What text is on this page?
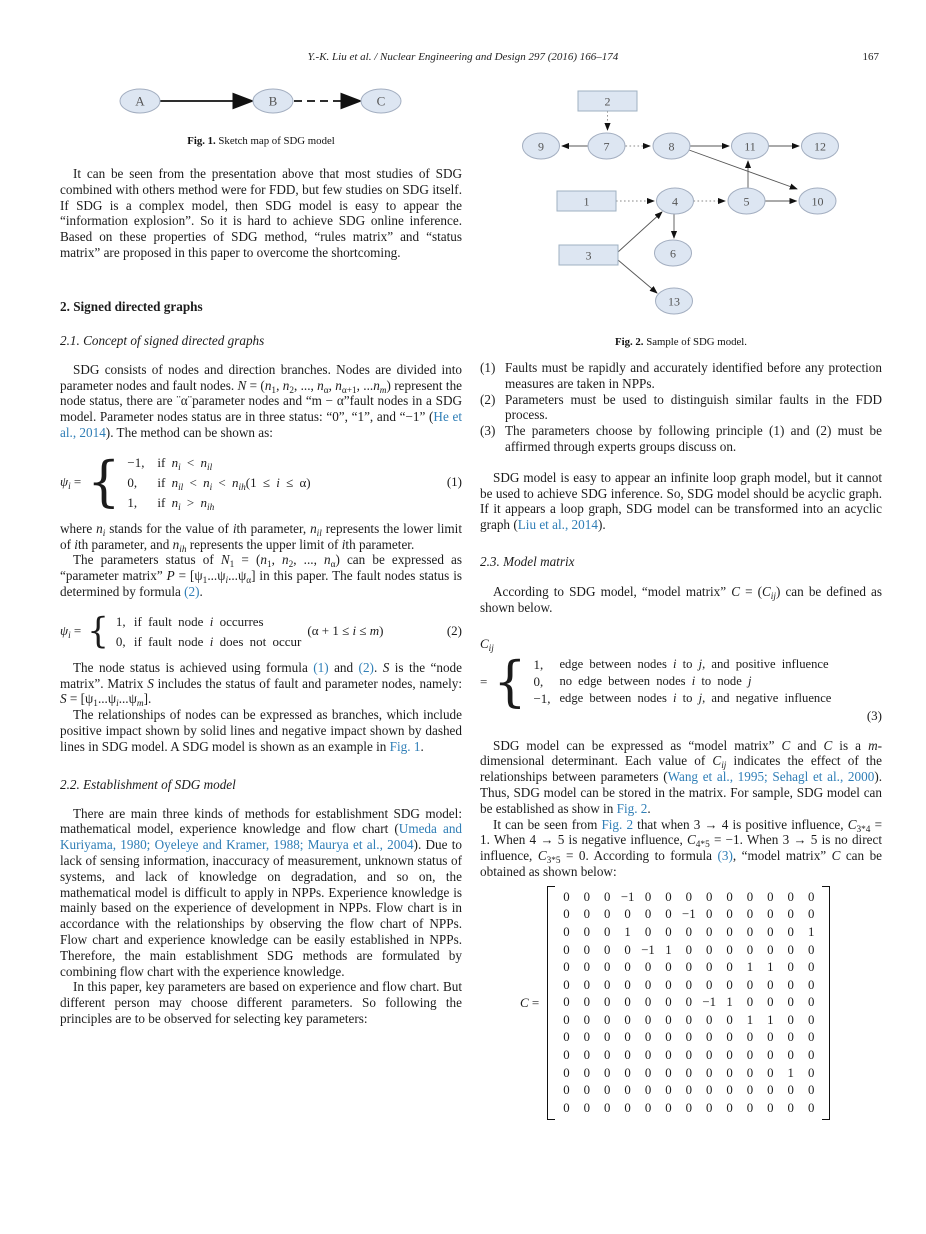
Y.-K. Liu et al. / Nuclear Engineering and Design 297 (2016) 166–174	167
A	B	C
Fig. 1. Sketch map of SDG model

It can be seen from the presentation above that most studies of SDG combined with others method were for FDD, but few studies on SDG itself. If SDG is a complex model, then SDG model is easy to appear the “information explosion”. So it is hard to achieve SDG online inference. Based on these properties of SDG method, “rules matrix” and “status matrix” are proposed in this paper to overcome the shortcoming.

2. Signed directed graphs
2.1. Concept of signed directed graphs

SDG consists of nodes and direction branches. Nodes are divided into parameter nodes and fault nodes. $N = (n_1$, $n_2$, ..., $n_\alpha$, $n_{\alpha+1}$, $...n_m$) represent the node status, there are ¨α¨parameter nodes and “m − α”fault nodes in a SDG model. Parameter nodes status are in three status: “0”, “1”, and “−1” (He et al., 2014). The method can be shown as:

$\psi_i$ = { −1, if $n_i < n_{il}$
0,	if $n_{il} < n_i < n_{ih}(1 \le i \le \alpha)$
1,	if $n_i > n_{ih}$
(1)

where $n_i$ stands for the value of ith parameter, $n_{il}$ represents the lower limit of ith parameter, and $n_{ih}$ represents the upper limit of ith parameter.

The parameters status of $N_1 = (n_1$, $n_2$, ..., $n_\alpha$) can be expressed as “parameter matrix” $P = [\psi_1...\psi_i...\psi_\alpha]$ in this paper. The fault nodes status is determined by formula (2).

$\psi_i$ = { 1, if fault node i occurres
0, if fault node i does not occur
(α + 1 ≤ i ≤ m)	(2)

The node status is achieved using formula (1) and (2). S is the “node matrix”. Matrix S includes the status of fault and parameter nodes, namely: $S = [\psi_1...\psi_i...\psi_m]$.

The relationships of nodes can be expressed as branches, which include positive impact shown by solid lines and negative impact shown by dashed lines in SDG model. A SDG model is shown as an example in Fig. 1.

2.2. Establishment of SDG model

There are main three kinds of methods for establishment SDG model: mathematical model, experience knowledge and flow chart (Umeda and Kuriyama, 1980; Oyeleye and Kramer, 1988; Maurya et al., 2004). Due to lack of sensing information, inaccuracy of measurement, unknown status of systems, and lack of knowledge on degradation, and so on, the mathematical model is difficult to apply in NPPs. Experience knowledge is mainly based on the experience of development in NPPs. Flow chart is in accordance with the relationships by observing the flow chart of NPPs. Flow chart and experience knowledge can be easily established in NPPs. Therefore, the main establishment SDG methods are formulated by combining flow chart with the experience knowledge.

In this paper, key parameters are based on experience and flow chart. But different person may choose different parameters. So following the principles are to be observed for selecting key parameters:

2
1
3
9	7	8	11	12
4	5	10
6
13
Fig. 2. Sample of SDG model.
(1) Faults must be rapidly and accurately identified before any protection measures are taken in NPPs.

(2) Parameters must be used to distinguish similar faults in the FDD process.

(3) The parameters choose by following principle (1) and (2) must be affirmed through experts groups discuss on.

SDG model is easy to appear an infinite loop graph model, but it cannot be used to achieve SDG inference. So, SDG model should be acyclic graph. If it appears a loop graph, SDG model can be transformed into an acyclic graph (Liu et al., 2014).

2.3. Model matrix

According to SDG model, “model matrix” $C = (C_{ij})$ can be defined as shown below.

$C_{ij}$
= { 1,	edge between nodes i to j, and positive influence
0,	no edge between nodes i to node j
−1, edge between nodes i to j, and negative influence
(3)

SDG model can be expressed as “model matrix” C and C is a m-dimensional determinant. Each value of $C_{ij}$ indicates the effect of the relationships between parameters (Wang et al., 1995; Sehagl et al., 2000). Thus, SDG model can be stored in the matrix. For sample, SDG model can be established as show in Fig. 2.

It can be seen from Fig. 2 that when 3 → 4 is positive influence, $C_{3*4} = 1$. When 4 → 5 is negative influence, $C_{4*5} = -1$. When 3 → 5 is no direct influence, $C_{3*5} = 0$. According to formula (3), “model matrix” C can be obtained as shown below:

C =
0	0	0 −1 0	0	0	0	0	0	0	0	0
0	0	0	0	0	0 −1 0	0	0	0	0	0
0	0	0	1	0	0	0	0	0	0	0	0	1
0	0	0	0 −1 1	0	0	0	0	0	0	0
0	0	0	0	0	0	0	0	0	1	1	0	0
0	0	0	0	0	0	0	0	0	0	0	0	0
0	0	0	0	0	0	0 −1 1	0	0	0	0
0	0	0	0	0	0	0	0	0	1	1	0	0
0	0	0	0	0	0	0	0	0	0	0	0	0
0	0	0	0	0	0	0	0	0	0	0	0	0
0	0	0	0	0	0	0	0	0	0	0	1	0
0	0	0	0	0	0	0	0	0	0	0	0	0
0	0	0	0	0	0	0	0	0	0	0	0	0
